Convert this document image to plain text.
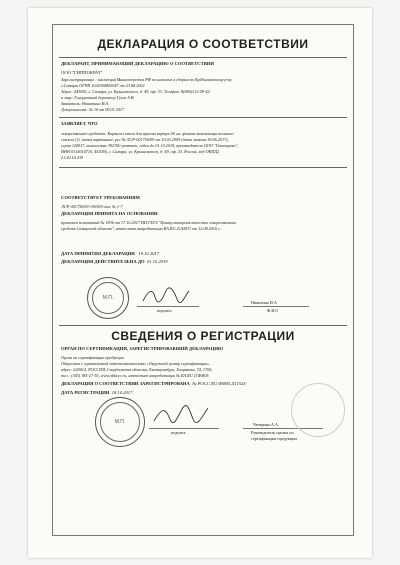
ДЕКЛАРАЦИЯ О СООТВЕТСТВИИ
ДЕКЛАРАНТ, ПРИНИМАЮЩИЙ ДЕКЛАРАЦИЮ О СООТВЕТСТВИИ
ООО "ГИППОКРАТ"
Зарегистрировано : инспекция Министерства РФ по налогам и сборам по Куйбышевскому р-ну
г.Самары ОГРН 1026300892047 от 23.08.2002
Адрес: 443056, г. Самара, ул. Крышевского, д. 49, оф. 33. Телефон: 8(846)312-59-42
в лице: Генеральный директор Гусев А.В.
Заявитель: Никитина И.А.
Доверенность: № 10 от 09.01.2017
ЗАЯВЛЯЕТ, ЧТО
лекарственное средство: Корвалол капли для приема внутрь 50 мл, флакон-капельницы темного
стекла (1), пачки картонные, рег № ЛСР-001750/09 от 10.03.2009 (дата замены 30.06.2017),
серия 120917, количество 392700 упаковок, годен до 01.10.2019, производитель ООО "Гиппократ",
ИНН 6314014710, 443056, г. Самара, ул. Крышевского, д. 49, оф. 33, Россия, код ОКПД2
21.20.10.239
СООТВЕТСТВУЕТ ТРЕБОВАНИЯМ
ЛСР-001750/09-100309 изм. № 1-7
ДЕКЛАРАЦИЯ ПРИНЯТА НА ОСНОВАНИИ
протокол испытаний № 1836 от 17.10.2017 НИ ГБУЗ "Центр контроля качества лекарственных
средств Самарской области", аттестат аккредитации RA.RU.21АМ33 от 12.08.2016 г.
ДАТА ПРИНЯТИЯ ДЕКЛАРАЦИИ 18.10.2017
ДЕКЛАРАЦИЯ ДЕЙСТВИТЕЛЬНА ДО 01.10.2019
М.П.
подпись
Никитина И.А.
Ф.И.О
СВЕДЕНИЯ О РЕГИСТРАЦИИ
ОРГАН ПО СЕРТИФИКАЦИИ, ЗАРЕГИСТРИРОВАВШИЙ ДЕКЛАРАЦИЮ
Орган по сертификации продукции
Общества с ограниченной ответственностью «Окружной центр сертификации»,
адрес: 620014, РОССИЯ, Свердловская область, Екатеринбург, Хохрякова, 74, 1706,
тел.: (343) 385-27-55, www.okbcce.ru, аттестат аккредитации № RA.RU.11ФМ05
ДЕКЛАРАЦИЯ О СООТВЕТСТВИИ ЗАРЕГИСТРИРОВАНА № РОСС RU.ФМ05.Д11524
ДАТА РЕГИСТРАЦИИ 18.10.2017
М.П.
подпись
Чечерина А.А.
Руководитель органа по
сертификации продукции
